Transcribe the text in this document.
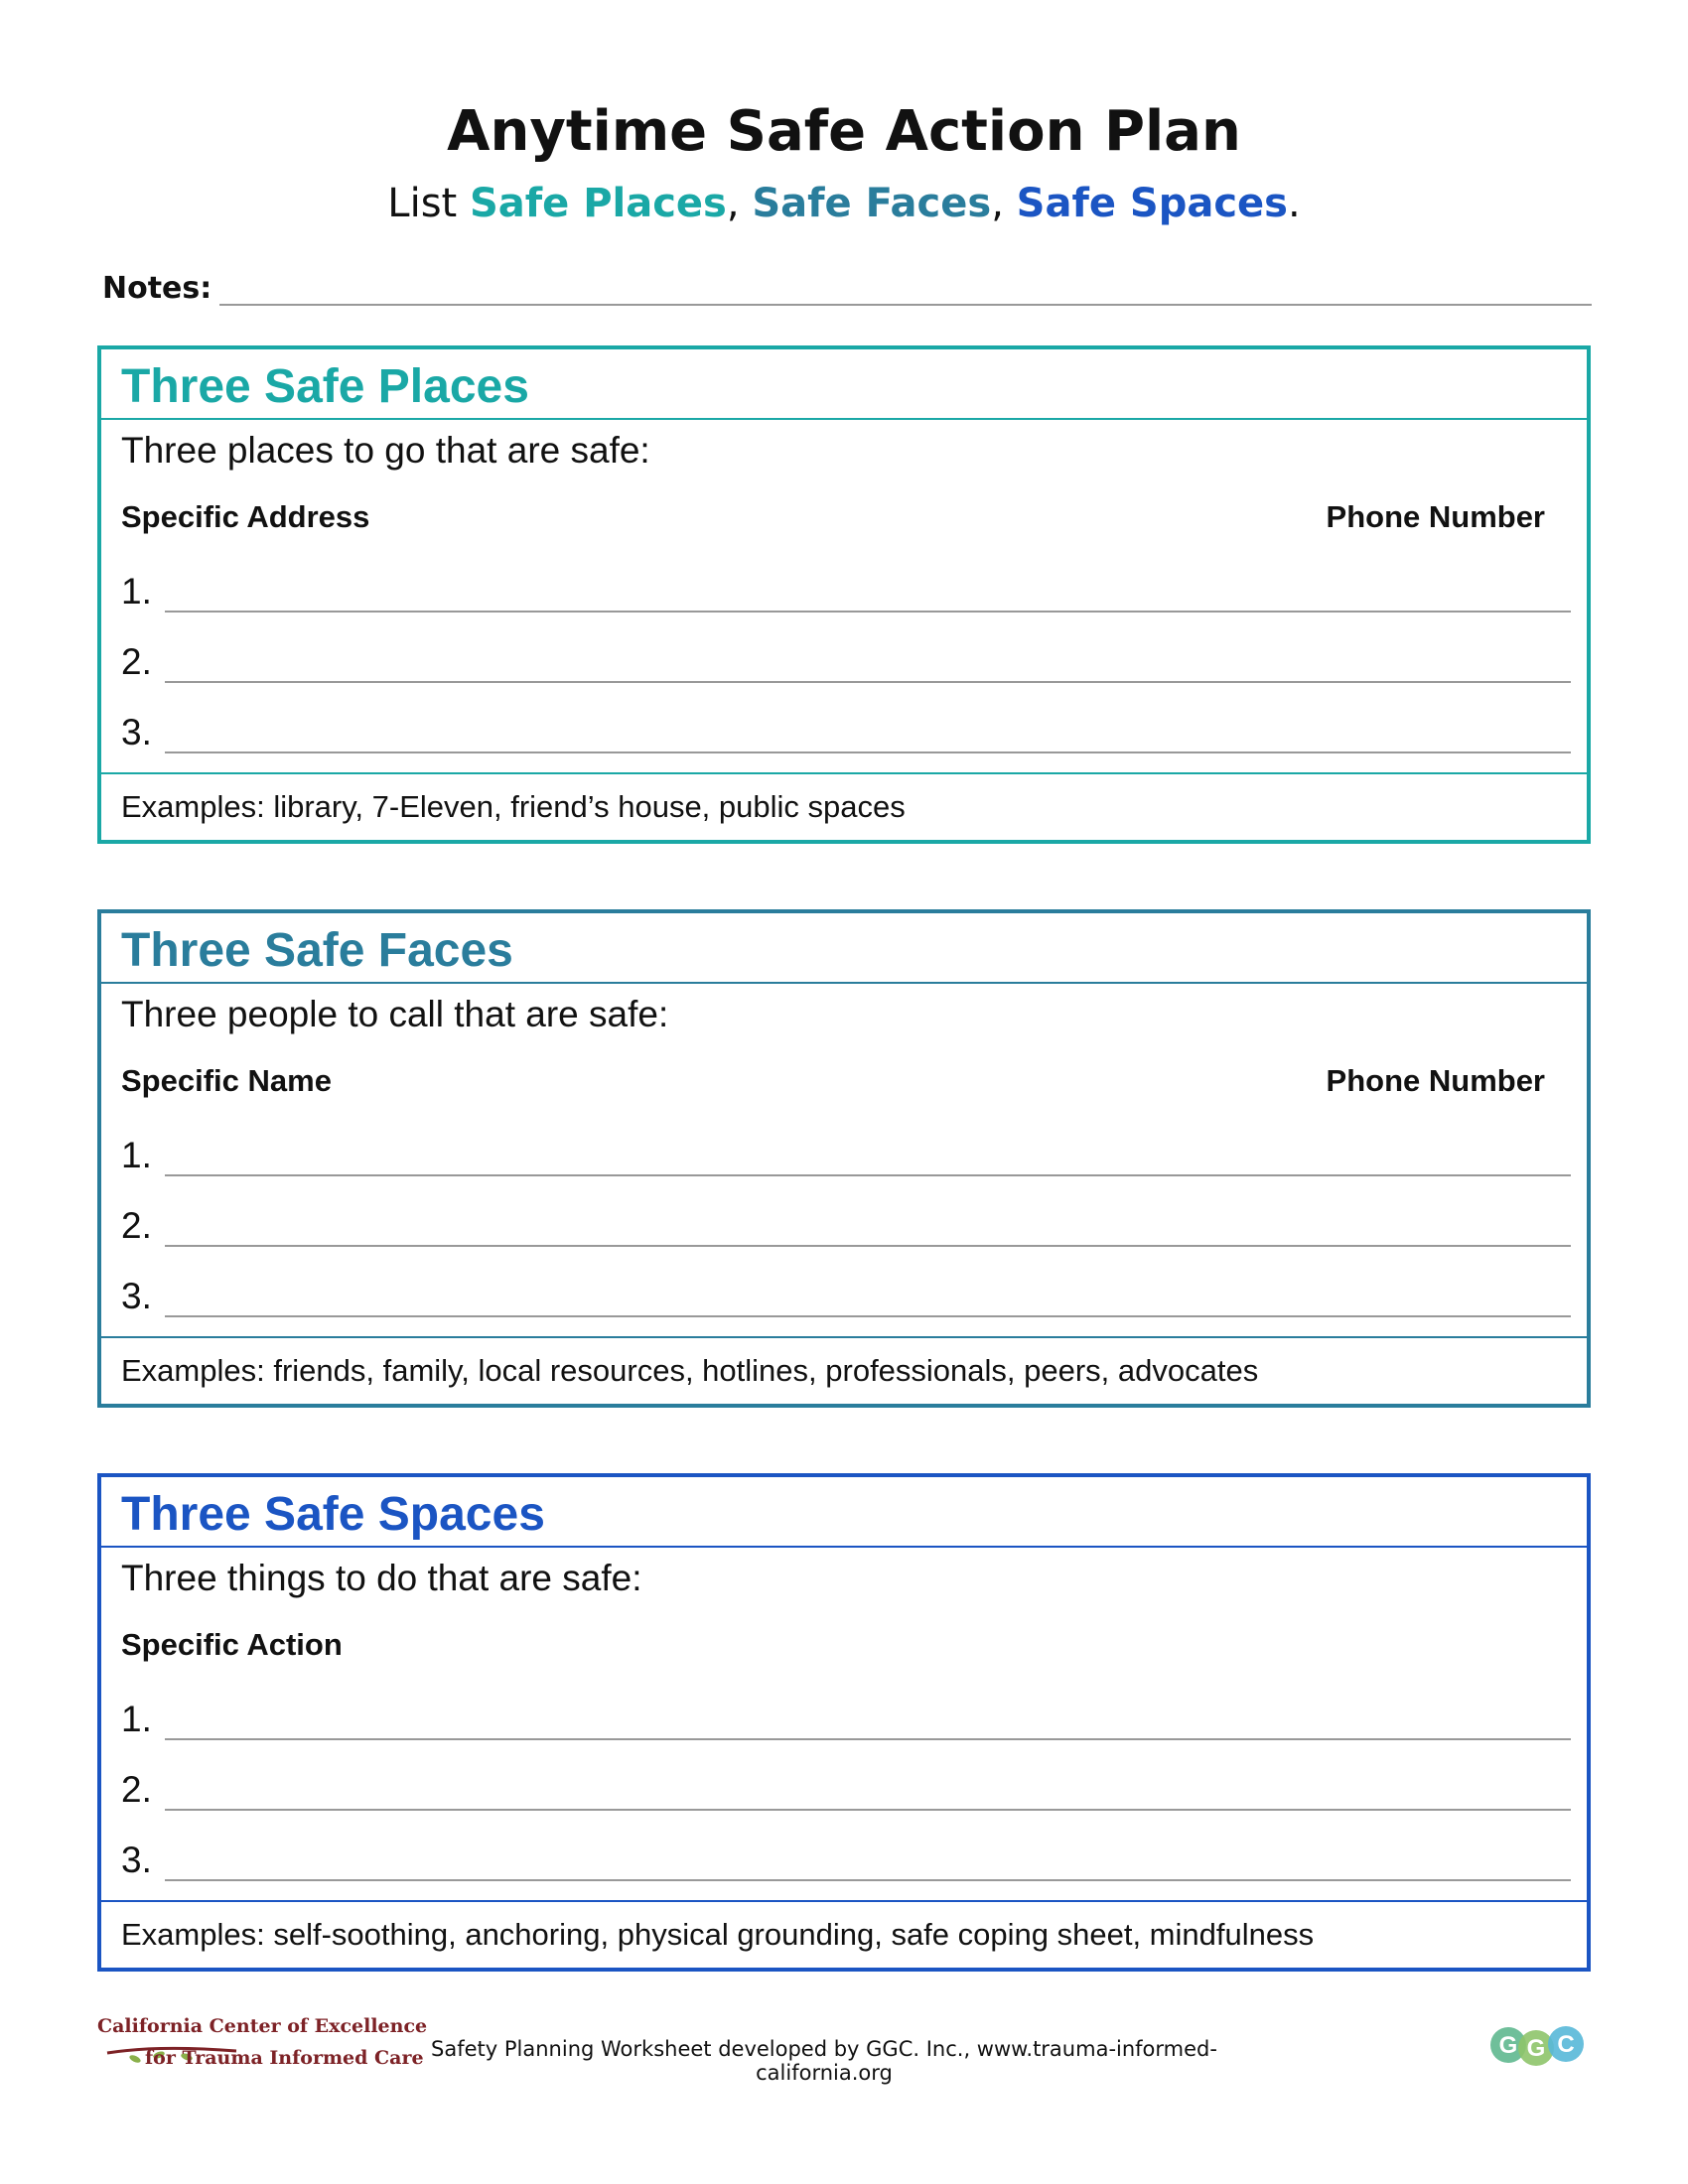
Anytime Safe Action Plan
List Safe Places, Safe Faces, Safe Spaces.
Notes:
Three Safe Places
Three places to go that are safe:
Specific Address	Phone Number
1.
2.
3.
Examples: library, 7-Eleven, friend’s house, public spaces
Three Safe Faces
Three people to call that are safe:
Specific Name	Phone Number
1.
2.
3.
Examples: friends, family, local resources, hotlines, professionals, peers, advocates
Three Safe Spaces
Three things to do that are safe:
Specific Action
1.
2.
3.
Examples: self-soothing, anchoring, physical grounding, safe coping sheet, mindfulness
California Center of Excellence
for Trauma Informed Care Safety Planning Worksheet developed by GGC. Inc., www.trauma-informed-california.org
G G C
